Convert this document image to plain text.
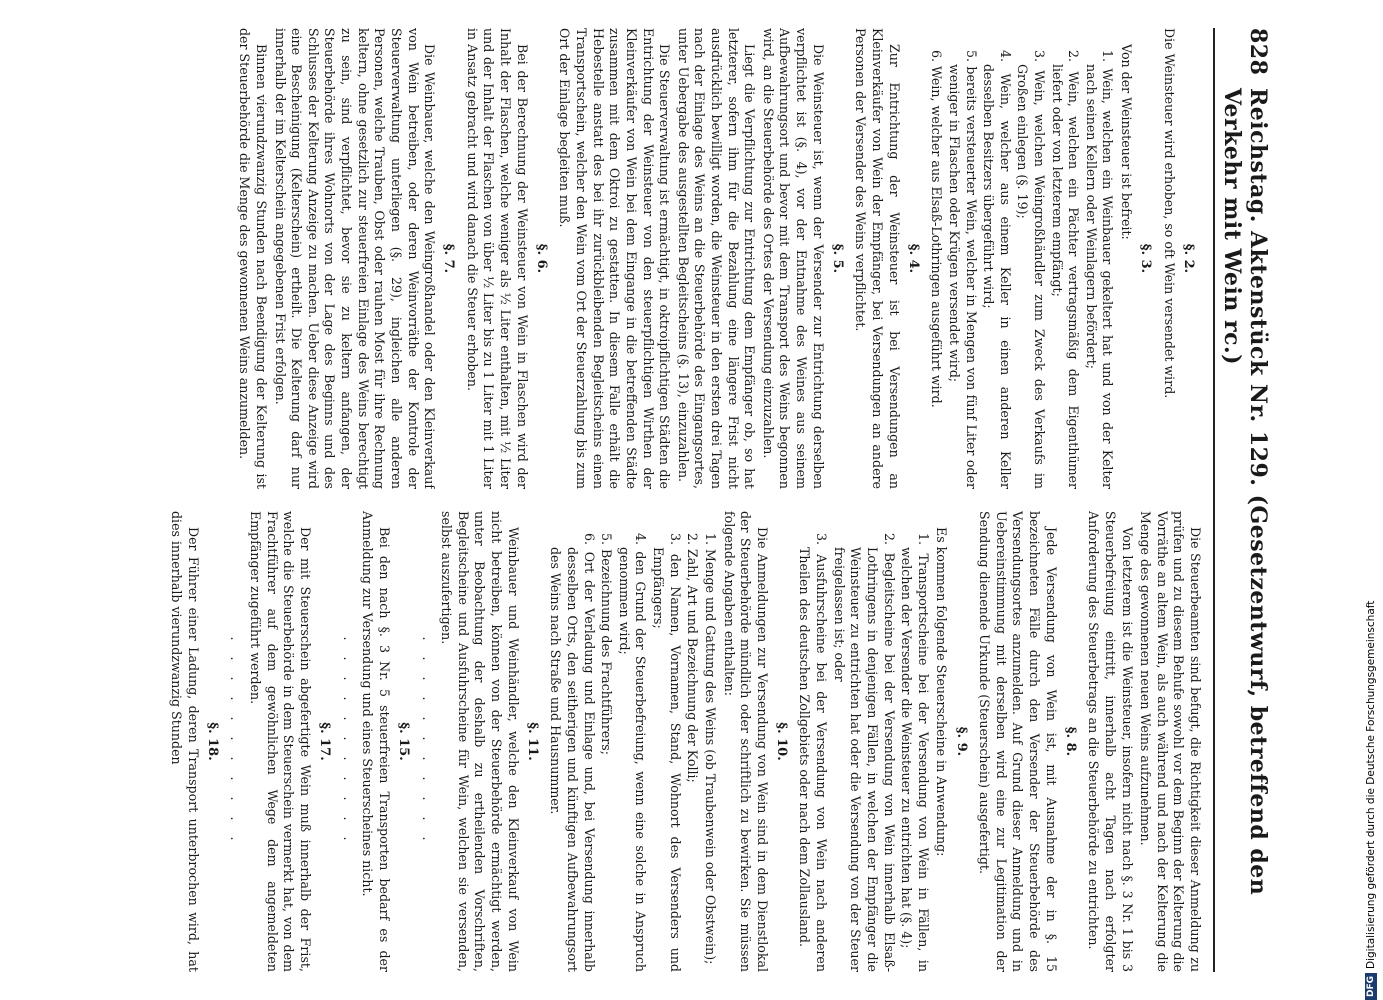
828
Reichstag. Aktenstück Nr. 129. (Gesetzentwurf, betreffend den Verkehr mit Wein rc.)
§. 2.

Die Weinsteuer wird erhoben, so oft Wein versendet wird.

§. 3.

Von der Weinsteuer ist befreit:

1. Wein, welchen ein Weinbauer gekeltert hat und von der Kelter nach seinen Kellern oder Weinlagern befördert;
2. Wein, welchen ein Pächter vertragsmäßig dem Eigenthümer liefert oder von letzterem empfängt;
3. Wein, welchen Weingroßhändler zum Zweck des Verkaufs im Großen einlegen (§. 19);
4. Wein, welcher aus einem Keller in einen anderen Keller desselben Besitzers übergeführt wird;
5. bereits versteuerter Wein, welcher in Mengen von fünf Liter oder weniger in Flaschen oder Krügen versendet wird;
6. Wein, welcher aus Elsaß-Lothringen ausgeführt wird.
§. 4.

Zur Entrichtung der Weinsteuer ist bei Versendungen an Kleinverkäufer von Wein der Empfänger, bei Versendungen an andere Personen der Versender des Weins verpflichtet.

§. 5.

Die Weinsteuer ist, wenn der Versender zur Entrichtung derselben verpflichtet ist (§. 4), vor der Entnahme des Weines aus seinem Aufbewahrungsort und bevor mit dem Transport des Weins begonnen wird, an die Steuerbehörde des Ortes der Versendung einzuzahlen.

Liegt die Verpflichtung zur Entrichtung dem Empfänger ob, so hat letzterer, sofern ihm für die Bezahlung eine längere Frist nicht ausdrücklich bewilligt worden, die Weinsteuer in den ersten drei Tagen nach der Einlage des Weins an die Steuerbehörde des Eingangsortes, unter Uebergabe des ausgestellten Begleitscheins (§. 13), einzuzahlen.

Die Steuerverwaltung ist ermächtigt, in oktroipflichtigen Städten die Entrichtung der Weinsteuer von den steuerpflichtigen Wirthen der Kleinverkäufer von Wein bei dem Eingange in die betreffenden Städte zusammen mit dem Oktroi zu gestatten. In diesem Falle erhält die Hebestelle anstatt des bei ihr zurückbleibenden Begleitscheins einen Transportschein, welcher den Wein vom Ort der Steuerzahlung bis zum Ort der Einlage begleiten muß.

§. 6.

Bei der Berechnung der Weinsteuer von Wein in Flaschen wird der Inhalt der Flaschen, welche weniger als ½ Liter enthalten, mit ½ Liter und der Inhalt der Flaschen von über ½ Liter bis zu 1 Liter mit 1 Liter in Ansatz gebracht und wird danach die Steuer erhoben.

§. 7.

Die Weinbauer, welche den Weingroßhandel oder den Kleinverkauf von Wein betreiben, oder deren Weinvorräthe der Kontrole der Steuerverwaltung unterliegen (§. 29), ingleichen alle anderen Personen, welche Trauben, Obst oder rauhen Most für ihre Rechnung keltern, ohne gesetzlich zur steuerfreien Einlage des Weins berechtigt zu sein, sind verpflichtet, bevor sie zu keltern anfangen, der Steuerbehörde ihres Wohnorts von der Lage des Beginns und des Schlusses der Kelterung Anzeige zu machen. Ueber diese Anzeige wird eine Bescheinigung (Kelterschein) ertheilt. Die Kelterung darf nur innerhalb der im Kelterschein angegebenen Frist erfolgen.

Binnen vierundzwanzig Stunden nach Beendigung der Kelterung ist der Steuerbehörde die Menge des gewonnenen Weins anzumelden.

Die Steuerbeamten sind befugt, die Richtigkeit dieser Anmeldung zu prüfen und zu diesem Behufe sowohl vor dem Beginn der Kelterung die Vorräthe an altem Wein, als auch während und nach der Kelterung die Menge des gewonnenen neuen Weins aufzunehmen.

Von letzterem ist die Weinsteuer, insofern nicht nach §. 3 Nr. 1 bis 3 Steuerbefreiung eintritt, innerhalb acht Tagen nach erfolgter Anforderung des Steuerbetrags an die Steuerbehörde zu entrichten.

§. 8.

Jede Versendung von Wein ist, mit Ausnahme der in §. 15 bezeichneten Fälle durch den Versender der Steuerbehörde des Versendungsortes anzumelden. Auf Grund dieser Anmeldung und in Uebereinstimmung mit derselben wird eine zur Legitimation der Sendung dienende Urkunde (Steuerschein) ausgefertigt.

§. 9.

Es kommen folgende Steuerscheine in Anwendung:

1. Transportscheine bei der Versendung von Wein in Fällen, in welchen der Versender die Weinsteuer zu entrichten hat (§. 4);
2. Begleitscheine bei der Versendung von Wein innerhalb Elsaß-Lothringens in denjenigen Fällen, in welchen der Empfänger die Weinsteuer zu entrichten hat oder die Versendung von der Steuer freigelassen ist; oder
3. Ausfuhrscheine bei der Versendung von Wein nach anderen Theilen des deutschen Zollgebiets oder nach dem Zollausland.
§. 10.

Die Anmeldungen zur Versendung von Wein sind in dem Dienstlokal der Steuerbehörde mündlich oder schriftlich zu bewirken. Sie müssen folgende Angaben enthalten:

1. Menge und Gattung des Weins (ob Traubenwein oder Obstwein);
2. Zahl, Art und Bezeichnung der Kolli;
3. den Namen, Vornamen, Stand, Wohnort des Versenders und Empfängers;
4. den Grund der Steuerbefreiung, wenn eine solche in Anspruch genommen wird;
5. Bezeichnung des Frachtführers;
6. Ort der Verladung und Einlage und, bei Versendung innerhalb desselben Orts, den seitherigen und künftigen Aufbewahrungsort des Weins nach Straße und Hausnummer.
§. 11.

Weinbauer und Weinhändler, welche den Kleinverkauf von Wein nicht betreiben, können von der Steuerbehörde ermächtigt werden, unter Beobachtung der deshalb zu ertheilenden Vorschriften, Begleitscheine und Ausfuhrscheine für Wein, welchen sie versenden, selbst auszufertigen.

. . . . . . . . . . .
§. 15.

Bei den nach §. 3 Nr. 5 steuerfreien Transporten bedarf es der Anmeldung zur Versendung und eines Steuerscheines nicht.

. . . . . . . . . . .
§. 17.

Der mit Steuerschein abgefertigte Wein muß innerhalb der Frist, welche die Steuerbehörde in dem Steuerschein vermerkt hat, von dem Frachtführer auf dem gewöhnlichen Wege dem angemeldeten Empfänger zugeführt werden.

. . . . . . . . . . .
§. 18.

Der Führer einer Ladung, deren Transport unterbrochen wird, hat dies innerhalb vierundzwanzig Stunden

DFG
Digitalisierung gefördert durch die Deutsche Forschungsgemeinschaft
